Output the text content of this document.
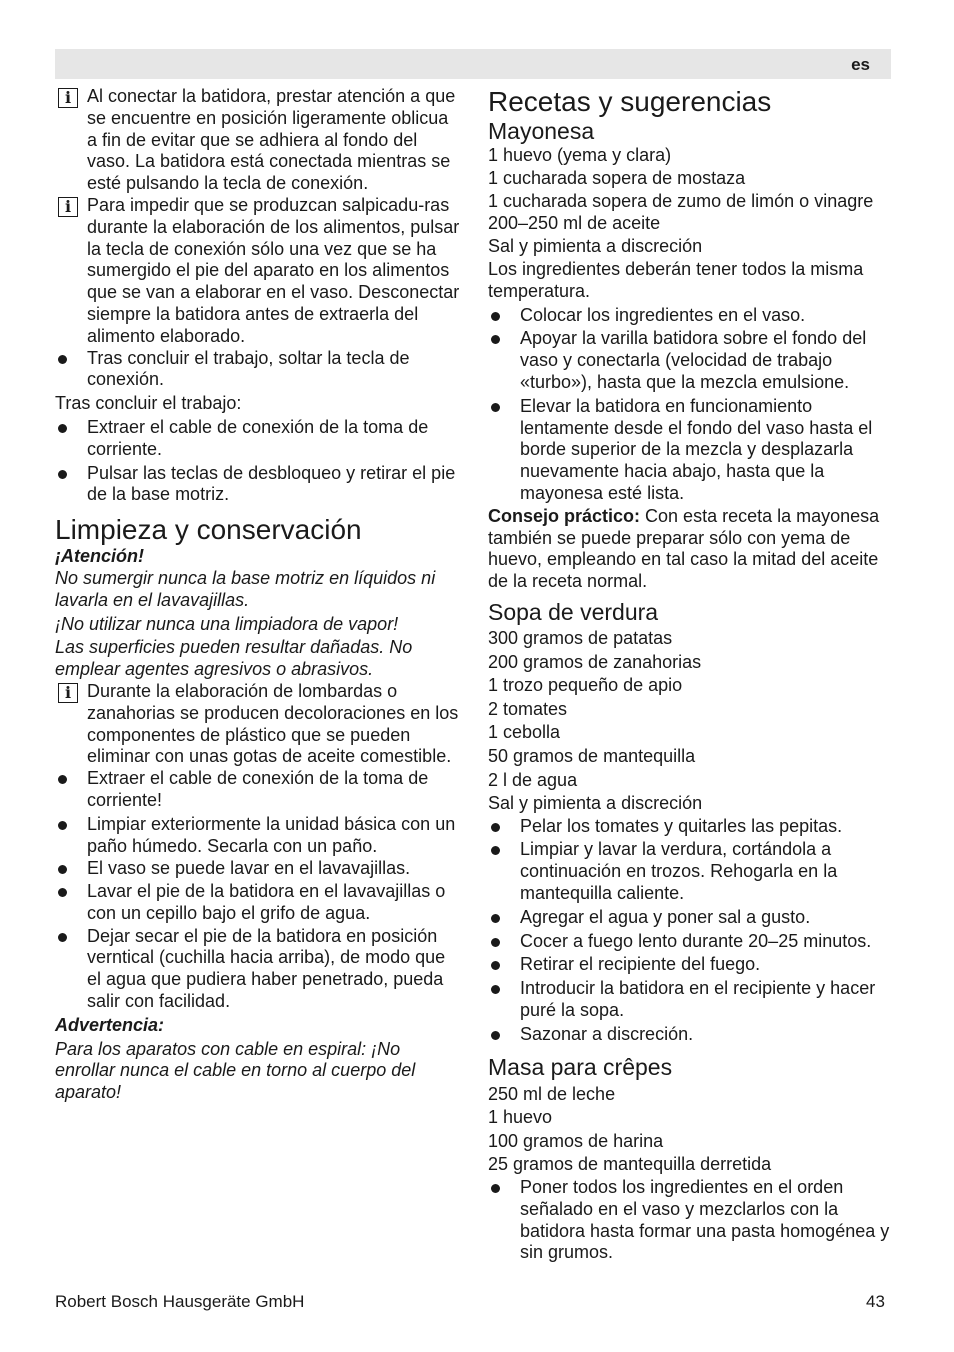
es
i Al conectar la batidora, prestar atención a que se encuentre en posición ligeramente oblicua a fin de evitar que se adhiera al fondo del vaso. La batidora está conectada mientras se esté pulsando la tecla de conexión.

i Para impedir que se produzcan salpicadu-ras durante la elaboración de los alimentos, pulsar la tecla de conexión sólo una vez que se ha sumergido el pie del aparato en los alimentos que se van a elaborar en el vaso. Desconectar siempre la batidora antes de extraerla del alimento elaborado.

Tras concluir el trabajo, soltar la tecla de conexión.

Tras concluir el trabajo:

Extraer el cable de conexión de la toma de corriente.

Pulsar las teclas de desbloqueo y retirar el pie de la base motriz.

Limpieza y conservación

¡Atención!

No sumergir nunca la base motriz en líquidos ni lavarla en el lavavajillas.

¡No utilizar nunca una limpiadora de vapor!

Las superficies pueden resultar dañadas. No emplear agentes agresivos o abrasivos.

i Durante la elaboración de lombardas o zanahorias se producen decoloraciones en los componentes de plástico que se pueden eliminar con unas gotas de aceite comestible.

Extraer el cable de conexión de la toma de corriente!

Limpiar exteriormente la unidad básica con un paño húmedo. Secarla con un paño.

El vaso se puede lavar en el lavavajillas.

Lavar el pie de la batidora en el lavavajillas o con un cepillo bajo el grifo de agua.

Dejar secar el pie de la batidora en posición verntical (cuchilla hacia arriba), de modo que el agua que pudiera haber penetrado, pueda salir con facilidad.

Advertencia:

Para los aparatos con cable en espiral: ¡No enrollar nunca el cable en torno al cuerpo del aparato!

Recetas y sugerencias
Mayonesa

1 huevo (yema y clara)

1 cucharada sopera de mostaza

1 cucharada sopera de zumo de limón o vinagre

200–250 ml de aceite

Sal y pimienta a discreción

Los ingredientes deberán tener todos la misma temperatura.

Colocar los ingredientes en el vaso.

Apoyar la varilla batidora sobre el fondo del vaso y conectarla (velocidad de trabajo «turbo»), hasta que la mezcla emulsione.

Elevar la batidora en funcionamiento lentamente desde el fondo del vaso hasta el borde superior de la mezcla y desplazarla nuevamente hacia abajo, hasta que la mayonesa esté lista.

Consejo práctico: Con esta receta la mayonesa también se puede preparar sólo con yema de huevo, empleando en tal caso la mitad del aceite de la receta normal.

Sopa de verdura

300 gramos de patatas

200 gramos de zanahorias

1 trozo pequeño de apio

2 tomates

1 cebolla

50 gramos de mantequilla

2 l de agua

Sal y pimienta a discreción

Pelar los tomates y quitarles las pepitas.

Limpiar y lavar la verdura, cortándola a continuación en trozos. Rehogarla en la mantequilla caliente.

Agregar el agua y poner sal a gusto.

Cocer a fuego lento durante 20–25 minutos.

Retirar el recipiente del fuego.

Introducir la batidora en el recipiente y hacer puré la sopa.

Sazonar a discreción.

Masa para crêpes

250 ml de leche

1 huevo

100 gramos de harina

25 gramos de mantequilla derretida

Poner todos los ingredientes en el orden señalado en el vaso y mezclarlos con la batidora hasta formar una pasta homogénea y sin grumos.

Robert Bosch Hausgeräte GmbH	43
